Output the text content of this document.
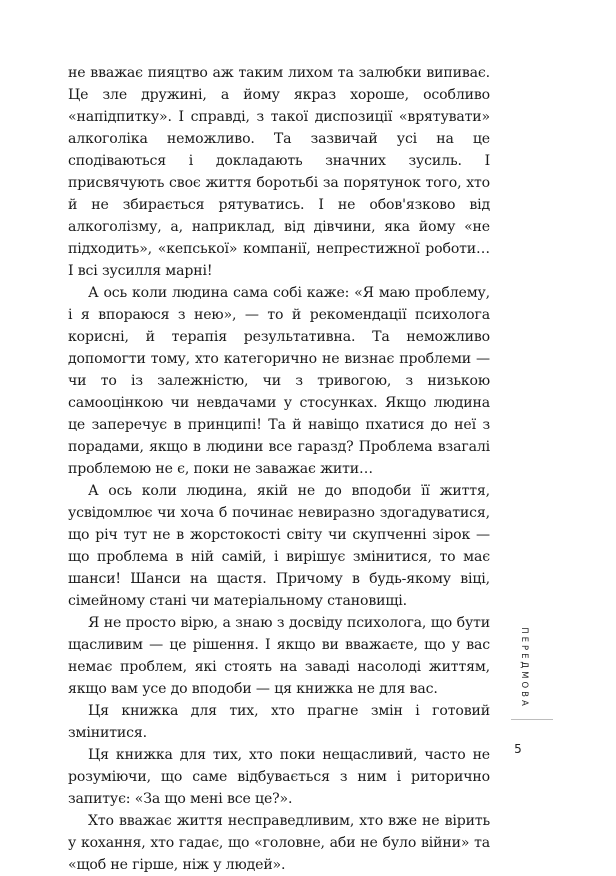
не вважає пияцтво аж таким лихом та залюбки випиває. Це зле дружині, а йому якраз хороше, особливо «напідпитку». І справді, з такої диспозиції «врятувати» алкоголіка неможливо. Та зазвичай усі на це сподіваються і докладають значних зусиль. І присвячують своє життя боротьбі за порятунок того, хто й не збирається рятуватись. І не обов'язково від алкоголізму, а, наприклад, від дівчини, яка йому «не підходить», «кепської» компанії, непрестижної роботи… І всі зусилля марні!

А ось коли людина сама собі каже: «Я маю проблему, і я впораюся з нею», — то й рекомендації психолога корисні, й терапія результативна. Та неможливо допомогти тому, хто категорично не визнає проблеми — чи то із залежністю, чи з тривогою, з низькою самооцінкою чи невдачами у стосунках. Якщо людина це заперечує в принципі! Та й навіщо пхатися до неї з порадами, якщо в людини все гаразд? Проблема взагалі проблемою не є, поки не заважає жити…

А ось коли людина, якій не до вподоби її життя, усвідомлює чи хоча б починає невиразно здогадуватися, що річ тут не в жорстокості світу чи скупченні зірок — що проблема в ній самій, і вирішує змінитися, то має шанси! Шанси на щастя. Причому в будь-якому віці, сімейному стані чи матеріальному становищі.

Я не просто вірю, а знаю з досвіду психолога, що бути щасливим — це рішення. І якщо ви вважаєте, що у вас немає проблем, які стоять на заваді насолоді життям, якщо вам усе до вподоби — ця книжка не для вас.

Ця книжка для тих, хто прагне змін і готовий змінитися.

Ця книжка для тих, хто поки нещасливий, часто не розуміючи, що саме відбувається з ним і риторично запитує: «За що мені все це?».

Хто вважає життя несправедливим, хто вже не вірить у кохання, хто гадає, що «головне, аби не було війни» та «щоб не гірше, ніж у людей».

ПЕРЕДМОВА
5
